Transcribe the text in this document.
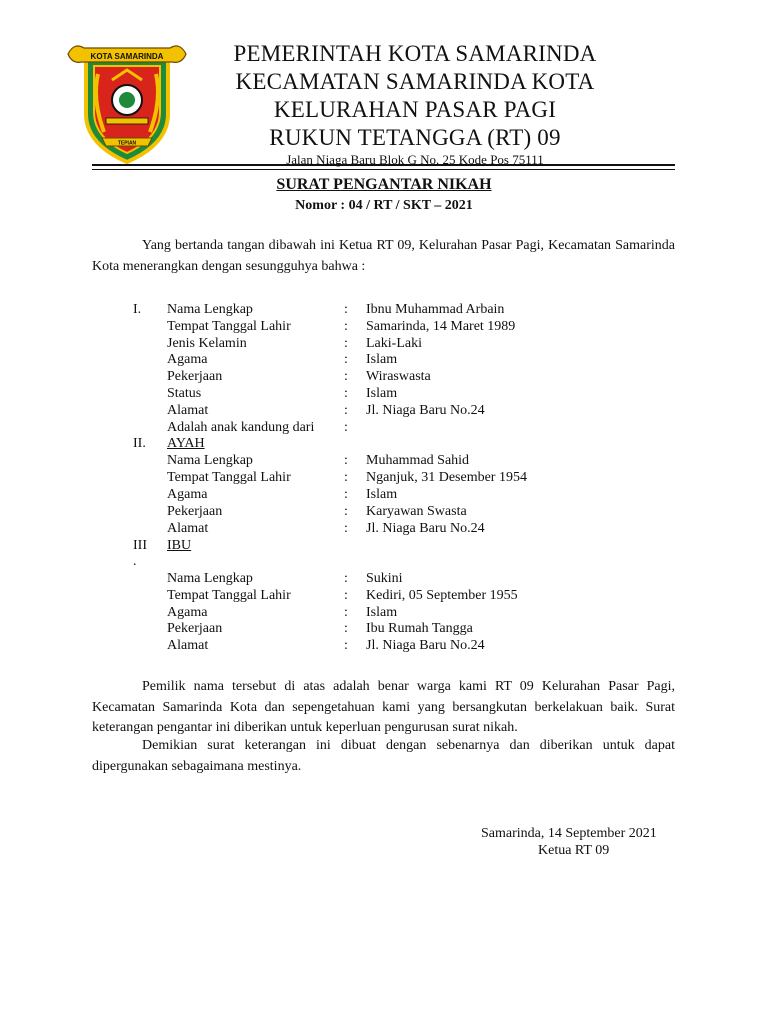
KOTA SAMARINDA
TEPIAN
PEMERINTAH KOTA SAMARINDA
KECAMATAN SAMARINDA KOTA
KELURAHAN PASAR PAGI
RUKUN TETANGGA (RT) 09
Jalan Niaga Baru Blok G No. 25 Kode Pos 75111
SURAT PENGANTAR NIKAH
Nomor : 04 / RT / SKT – 2021
Yang bertanda tangan dibawah ini Ketua RT 09, Kelurahan Pasar Pagi, Kecamatan Samarinda Kota menerangkan dengan sesungguhya bahwa :
I. Nama Lengkap	: Ibnu Muhammad Arbain
Tempat Tanggal Lahir	: Samarinda, 14 Maret 1989
Jenis Kelamin	: Laki-Laki
Agama	: Islam
Pekerjaan	: Wiraswasta
Status	: Islam
Alamat	: Jl. Niaga Baru No.24
Adalah anak kandung dari :
II. AYAH
Nama Lengkap	: Muhammad Sahid
Tempat Tanggal Lahir	: Nganjuk, 31 Desember 1954
Agama	: Islam
Pekerjaan	: Karyawan Swasta
Alamat	: Jl. Niaga Baru No.24
III
.
IBU
Nama Lengkap	: Sukini
Tempat Tanggal Lahir	: Kediri, 05 September 1955
Agama	: Islam
Pekerjaan	: Ibu Rumah Tangga
Alamat	: Jl. Niaga Baru No.24
Pemilik nama tersebut di atas adalah benar warga kami RT 09 Kelurahan Pasar Pagi, Kecamatan Samarinda Kota dan sepengetahuan kami yang bersangkutan berkelakuan baik. Surat keterangan pengantar ini diberikan untuk keperluan pengurusan surat nikah.
Demikian surat keterangan ini dibuat dengan sebenarnya dan diberikan untuk dapat dipergunakan sebagaimana mestinya.
Samarinda, 14 September 2021
Ketua RT 09
